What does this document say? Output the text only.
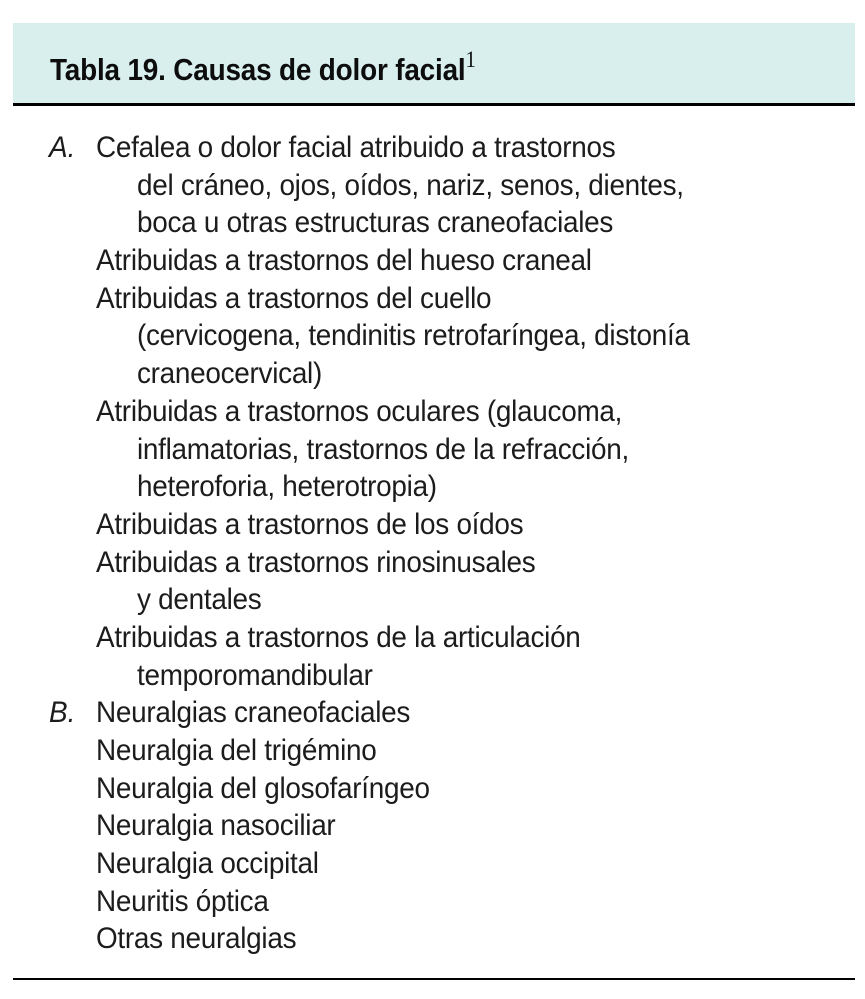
Tabla 19. Causas de dolor facial$^1$
A. Cefalea o dolor facial atribuido a trastornos
del cráneo, ojos, oídos, nariz, senos, dientes,
boca u otras estructuras craneofaciales
Atribuidas a trastornos del hueso craneal
Atribuidas a trastornos del cuello
(cervicogena, tendinitis retrofaríngea, distonía
craneocervical)
Atribuidas a trastornos oculares (glaucoma,
inflamatorias, trastornos de la refracción,
heteroforia, heterotropia)
Atribuidas a trastornos de los oídos
Atribuidas a trastornos rinosinusales
y dentales
Atribuidas a trastornos de la articulación
temporomandibular
B. Neuralgias craneofaciales
Neuralgia del trigémino
Neuralgia del glosofaríngeo
Neuralgia nasociliar
Neuralgia occipital
Neuritis óptica
Otras neuralgias
